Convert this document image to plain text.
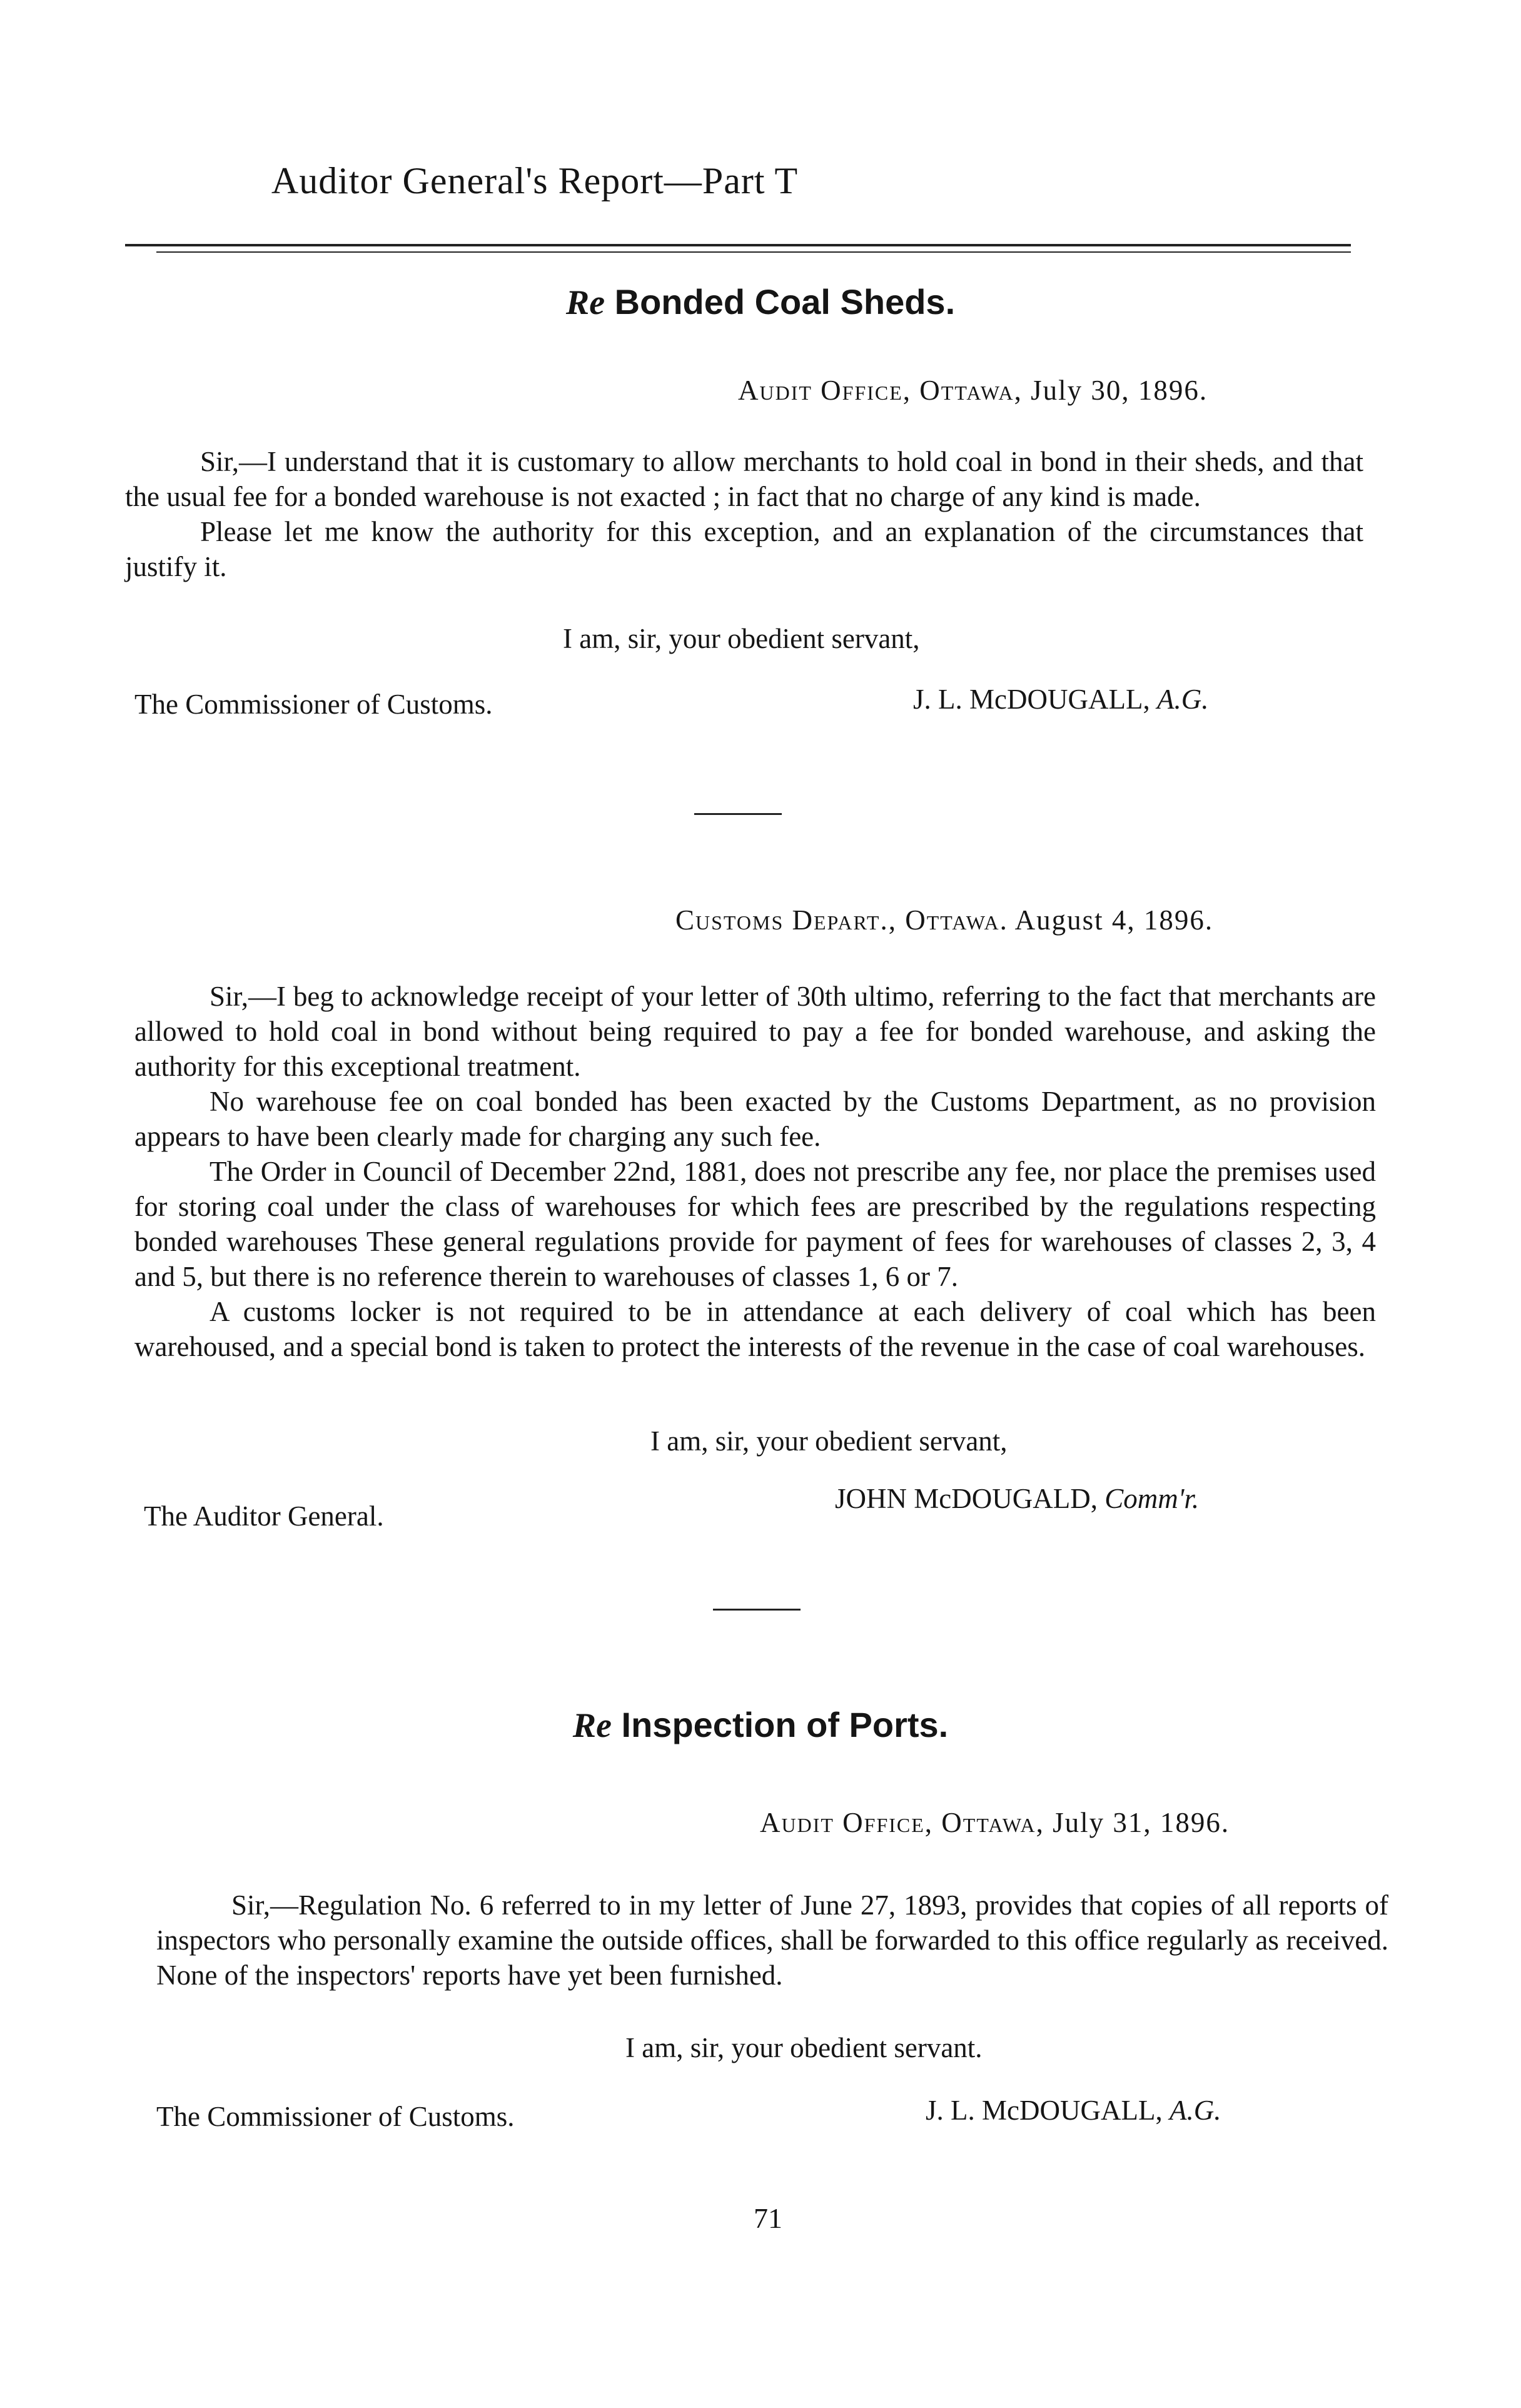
Auditor General's Report—Part T
Re Bonded Coal Sheds.
Audit Office, Ottawa, July 30, 1896.

Sir,—I understand that it is customary to allow merchants to hold coal in bond in their sheds, and that the usual fee for a bonded warehouse is not exacted ; in fact that no charge of any kind is made.

Please let me know the authority for this exception, and an explanation of the circumstances that justify it.

I am, sir, your obedient servant,
The Commissioner of Customs.	J. L. McDOUGALL, A.G.
Customs Depart., Ottawa. August 4, 1896.

Sir,—I beg to acknowledge receipt of your letter of 30th ultimo, referring to the fact that merchants are allowed to hold coal in bond without being required to pay a fee for bonded warehouse, and asking the authority for this exceptional treatment.

No warehouse fee on coal bonded has been exacted by the Customs Department, as no provision appears to have been clearly made for charging any such fee.

The Order in Council of December 22nd, 1881, does not prescribe any fee, nor place the premises used for storing coal under the class of warehouses for which fees are prescribed by the regulations respecting bonded warehouses These general regulations provide for payment of fees for warehouses of classes 2, 3, 4 and 5, but there is no reference therein to warehouses of classes 1, 6 or 7.

A customs locker is not required to be in attendance at each delivery of coal which has been warehoused, and a special bond is taken to protect the interests of the revenue in the case of coal warehouses.

I am, sir, your obedient servant,
JOHN McDOUGALD, Comm'r.
The Auditor General.
Re Inspection of Ports.
Audit Office, Ottawa, July 31, 1896.

Sir,—Regulation No. 6 referred to in my letter of June 27, 1893, provides that copies of all reports of inspectors who personally examine the outside offices, shall be forwarded to this office regularly as received. None of the inspectors' reports have yet been furnished.

I am, sir, your obedient servant.
J. L. McDOUGALL, A.G.
The Commissioner of Customs.
71
